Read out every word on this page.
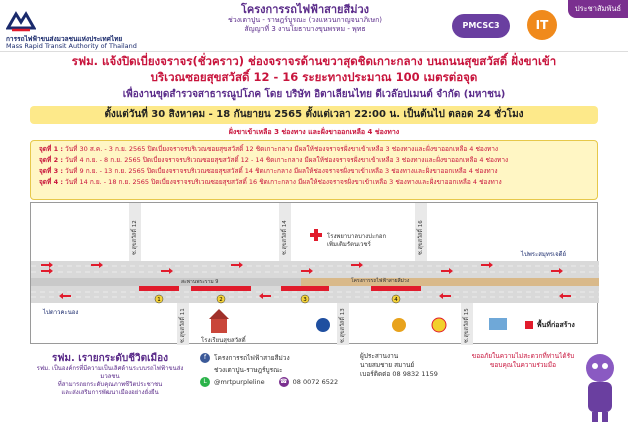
การรถไฟฟ้าขนส่งมวลชนแห่งประเทศไทย
Mass Rapid Transit Authority of Thailand
โครงการรถไฟฟ้าสายสีม่วง
ช่วงเตาปูน - ราษฎร์บูรณะ (วงแหวนกาญจนาภิเษก)
สัญญาที่ 3 งานโยธาบางขุนพรหม - พุทธ	PMCSC3	IT
ประชาสัมพันธ์
รฟม. แจ้งปิดเบี่ยงจราจร(ชั่วคราว) ช่องจราจรด้านขวาสุดชิดเกาะกลาง บนถนนสุขสวัสดิ์ ฝั่งขาเข้า
บริเวณซอยสุขสวัสดิ์ 12 - 16 ระยะทางประมาณ 100 เมตรต่อจุด
เพื่องานขุดสำรวจสาธารณูปโภค โดย บริษัท อิตาเลียนไทย ดีเวล๊อปเมนต์ จำกัด (มหาชน)
ตั้งแต่วันที่ 30 สิงหาคม - 18 กันยายน 2565 ตั้งแต่เวลา 22:00 น. เป็นต้นไป ตลอด 24 ชั่วโมง
ฝั่งขาเข้าเหลือ 3 ช่องทาง และฝั่งขาออกเหลือ 4 ช่องทาง
จุดที่ 1 : วันที่ 30 ส.ค. - 3 ก.ย. 2565 ปิดเบี่ยงจราจรบริเวณซอยสุขสวัสดิ์ 12 ชิดเกาะกลาง มีผลให้ช่องจราจรฝั่งขาเข้าเหลือ 3 ช่องทางและฝั่งขาออกเหลือ 4 ช่องทาง
จุดที่ 2 : วันที่ 4 ก.ย. - 8 ก.ย. 2565 ปิดเบี่ยงจราจรบริเวณซอยสุขสวัสดิ์ 12 - 14 ชิดเกาะกลาง มีผลให้ช่องจราจรฝั่งขาเข้าเหลือ 3 ช่องทางและฝั่งขาออกเหลือ 4 ช่องทาง
จุดที่ 3 : วันที่ 9 ก.ย. - 13 ก.ย. 2565 ปิดเบี่ยงจราจรบริเวณซอยสุขสวัสดิ์ 14 ชิดเกาะกลาง มีผลให้ช่องจราจรฝั่งขาเข้าเหลือ 3 ช่องทางและฝั่งขาออกเหลือ 4 ช่องทาง
จุดที่ 4 : วันที่ 14 ก.ย. - 18 ก.ย. 2565 ปิดเบี่ยงจราจรบริเวณซอยสุขสวัสดิ์ 16 ชิดเกาะกลาง มีผลให้ช่องจราจรฝั่งขาเข้าเหลือ 3 ช่องทางและฝั่งขาออกเหลือ 4 ช่องทาง
1	2	3	4
ซ.สุขสวัสดิ์ 12	ซ.สุขสวัสดิ์ 14	ซ.สุขสวัสดิ์ 16
ซ.สุขสวัสดิ์ 11	ซ.สุขสวัสดิ์ 13	ซ.สุขสวัสดิ์ 15
โรงพยาบาลบางปะกอก
เพิ่มเติมรัตนเวชร์
ไปพระสมุทรเจดีย์
ไปดาวคะนอง
โรงเรียนสุขสวัสดิ์
สะพานพระราม 9	โครงการรถไฟฟ้าสายสีม่วง
พื้นที่ก่อสร้าง
รฟม. เรายกระดับชีวิตเมือง
รฟม. เป็นองค์กรที่มีความเป็นเลิศด้านระบบรถไฟฟ้าขนส่งมวลชน
ที่สามารถยกระดับคุณภาพชีวิตประชาชน
และส่งเสริมการพัฒนาเมืองอย่างยั่งยืน
f	โครงการรถไฟฟ้าสายสีม่วง
ช่วงเตาปูน-ราษฎร์บูรณะ
L	@mrtpurpleline	☎ 08 0072 6522
ผู้ประสานงาน
นายสมชาย สมานย์
เบอร์ติดต่อ 08 9832 1159
ขออภัยในความไม่สะดวกที่ท่านได้รับ
ขอบคุณในความร่วมมือ
